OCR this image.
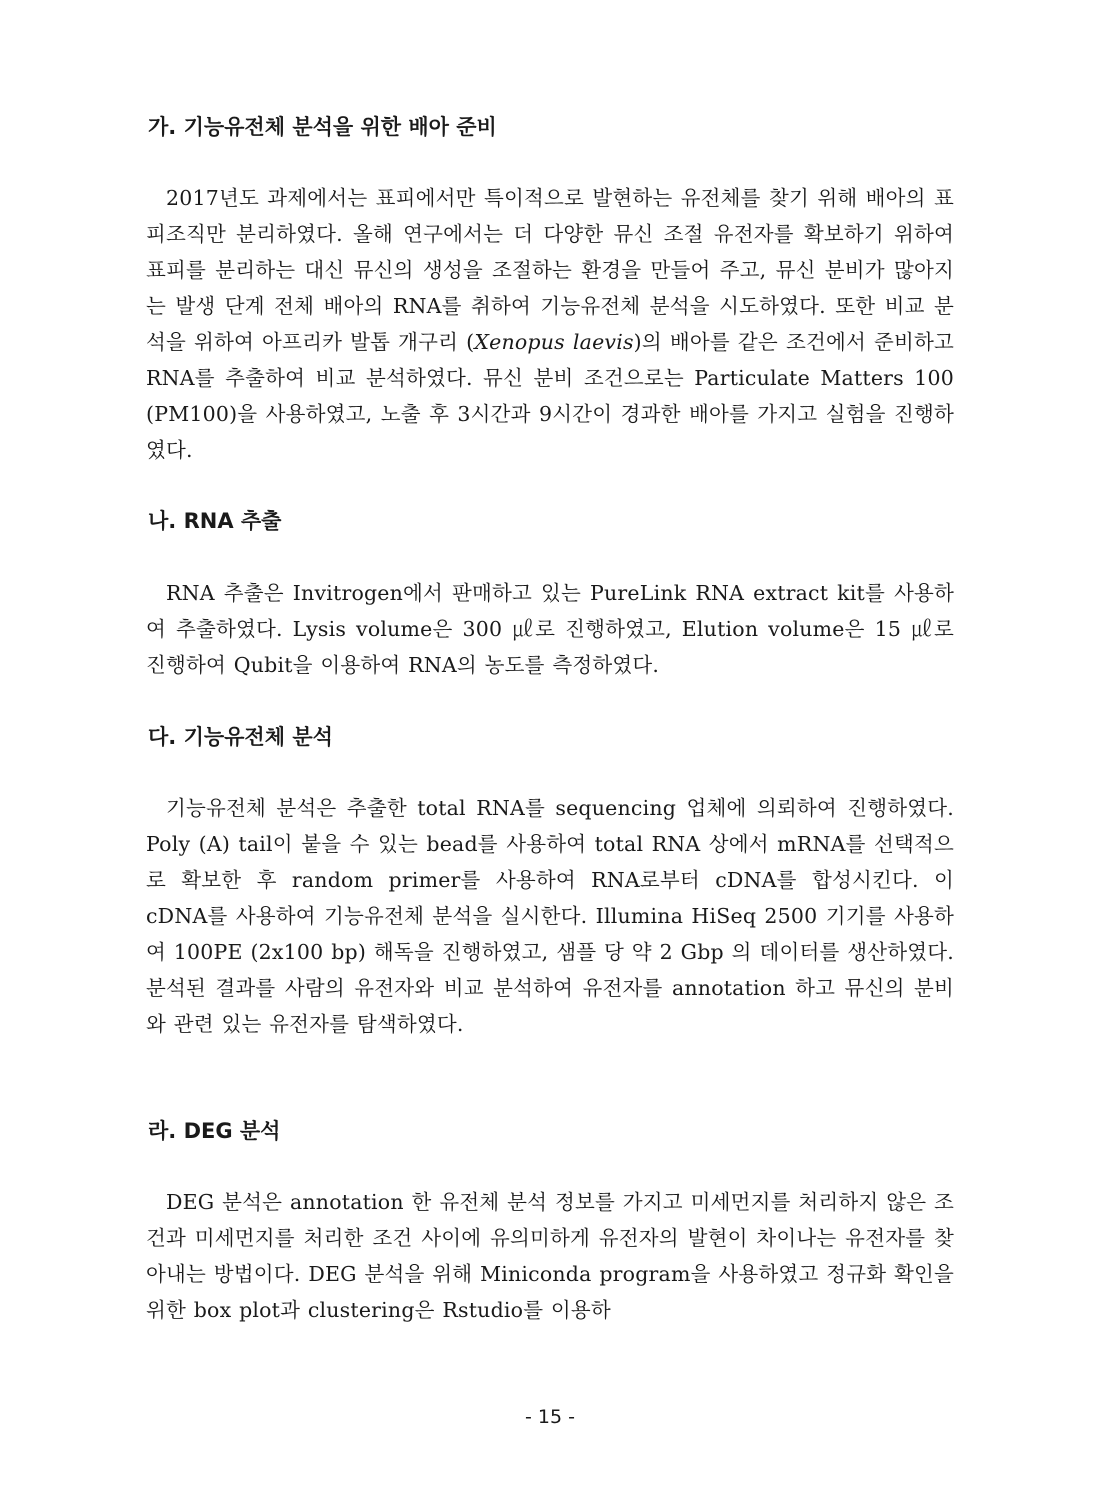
가. 기능유전체 분석을 위한 배아 준비

2017년도 과제에서는 표피에서만 특이적으로 발현하는 유전체를 찾기 위해 배아의 표피조직만 분리하였다. 올해 연구에서는 더 다양한 뮤신 조절 유전자를 확보하기 위하여 표피를 분리하는 대신 뮤신의 생성을 조절하는 환경을 만들어 주고, 뮤신 분비가 많아지는 발생 단계 전체 배아의 RNA를 취하여 기능유전체 분석을 시도하였다. 또한 비교 분석을 위하여 아프리카 발톱 개구리 (Xenopus laevis)의 배아를 같은 조건에서 준비하고 RNA를 추출하여 비교 분석하였다. 뮤신 분비 조건으로는 Particulate Matters 100 (PM100)을 사용하였고, 노출 후 3시간과 9시간이 경과한 배아를 가지고 실험을 진행하였다.

나. RNA 추출

RNA 추출은 Invitrogen에서 판매하고 있는 PureLink RNA extract kit를 사용하여 추출하였다. Lysis volume은 300 ㎕로 진행하였고, Elution volume은 15 ㎕로 진행하여 Qubit을 이용하여 RNA의 농도를 측정하였다.

다. 기능유전체 분석

기능유전체 분석은 추출한 total RNA를 sequencing 업체에 의뢰하여 진행하였다. Poly (A) tail이 붙을 수 있는 bead를 사용하여 total RNA 상에서 mRNA를 선택적으로 확보한 후 random primer를 사용하여 RNA로부터 cDNA를 합성시킨다. 이 cDNA를 사용하여 기능유전체 분석을 실시한다. Illumina HiSeq 2500 기기를 사용하여 100PE (2x100 bp) 해독을 진행하였고, 샘플 당 약 2 Gbp 의 데이터를 생산하였다. 분석된 결과를 사람의 유전자와 비교 분석하여 유전자를 annotation 하고 뮤신의 분비와 관련 있는 유전자를 탐색하였다.

라. DEG 분석

DEG 분석은 annotation 한 유전체 분석 정보를 가지고 미세먼지를 처리하지 않은 조건과 미세먼지를 처리한 조건 사이에 유의미하게 유전자의 발현이 차이나는 유전자를 찾아내는 방법이다. DEG 분석을 위해 Miniconda program을 사용하였고 정규화 확인을 위한 box plot과 clustering은 Rstudio를 이용하

- 15 -
